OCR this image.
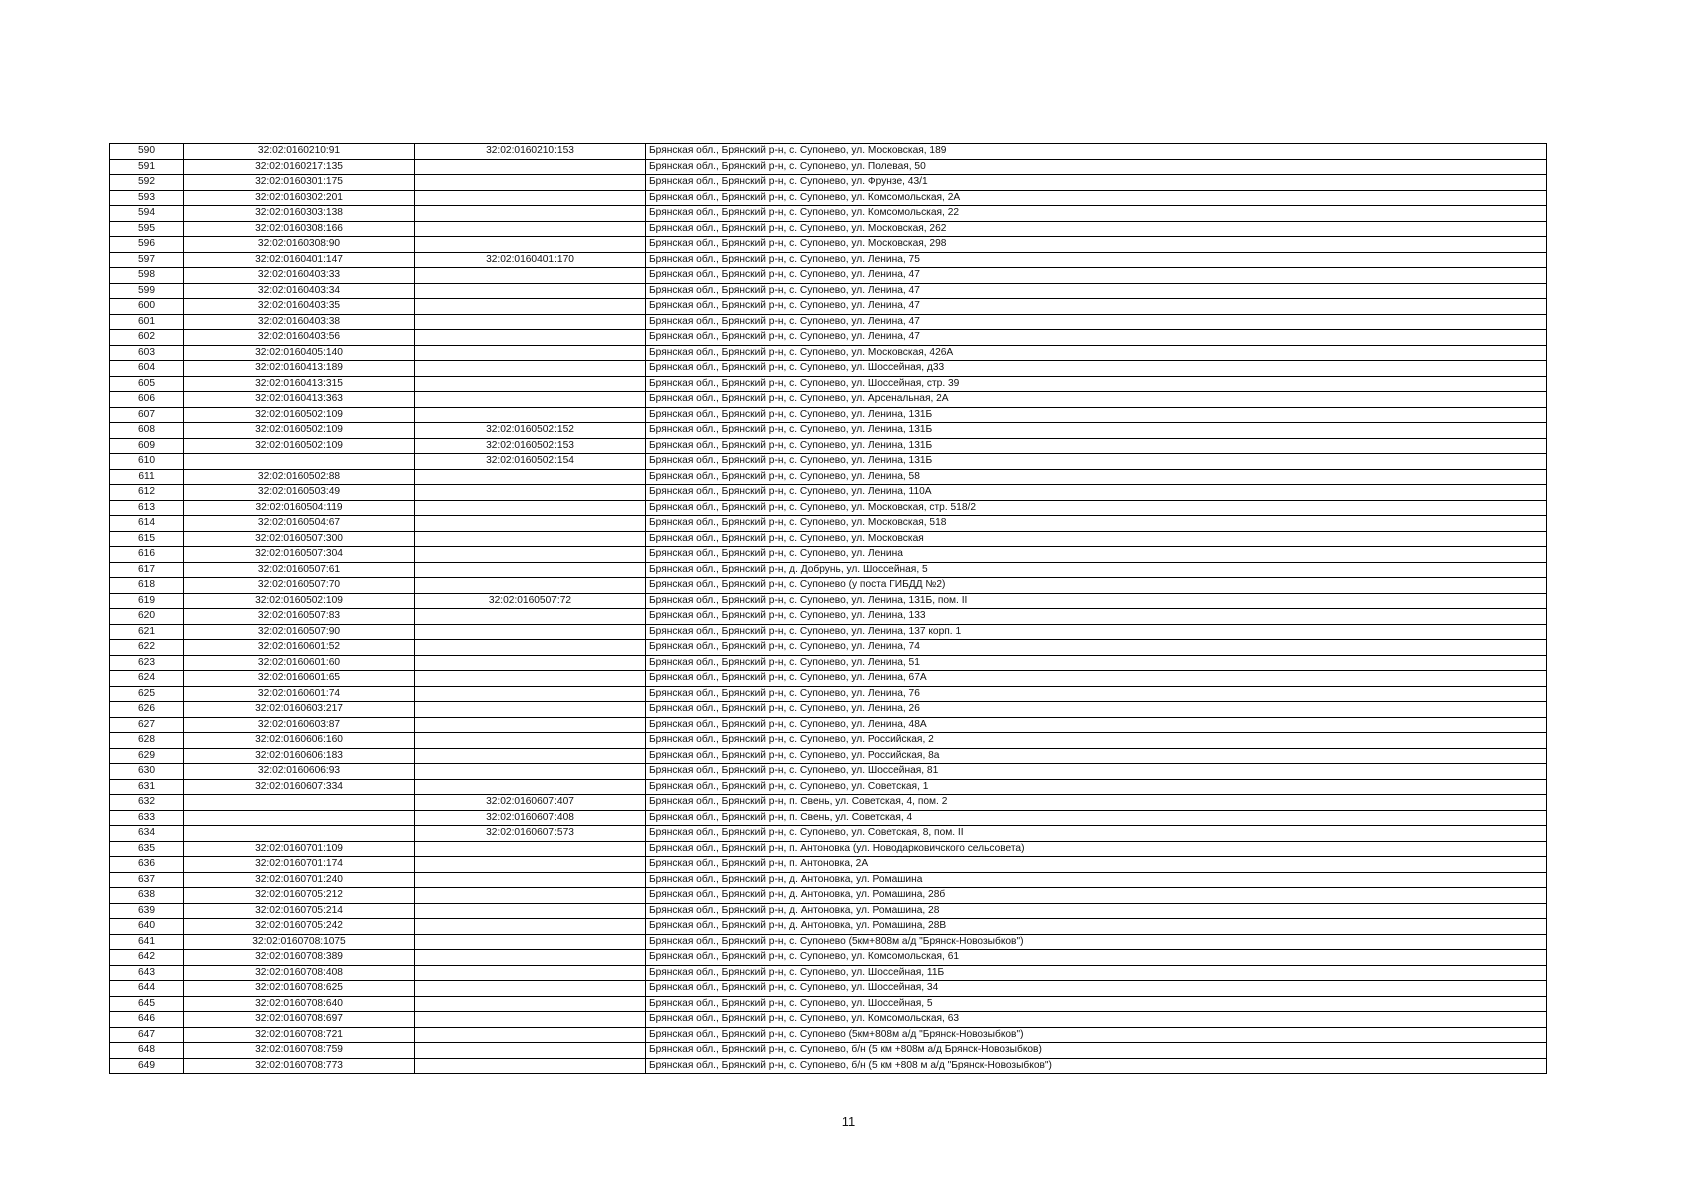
590	32:02:0160210:91	32:02:0160210:153	Брянская обл., Брянский р-н, с. Супонево, ул. Московская, 189
591	32:02:0160217:135		Брянская обл., Брянский р-н, с. Супонево, ул. Полевая, 50
592	32:02:0160301:175		Брянская обл., Брянский р-н, с. Супонево, ул. Фрунзе, 43/1
593	32:02:0160302:201		Брянская обл., Брянский р-н, с. Супонево, ул. Комсомольская, 2А
594	32:02:0160303:138		Брянская обл., Брянский р-н, с. Супонево, ул. Комсомольская, 22
595	32:02:0160308:166		Брянская обл., Брянский р-н, с. Супонево, ул. Московская, 262
596	32:02:0160308:90		Брянская обл., Брянский р-н, с. Супонево, ул. Московская, 298
597	32:02:0160401:147	32:02:0160401:170	Брянская обл., Брянский р-н, с. Супонево, ул. Ленина, 75
598	32:02:0160403:33		Брянская обл., Брянский р-н, с. Супонево, ул. Ленина, 47
599	32:02:0160403:34		Брянская обл., Брянский р-н, с. Супонево, ул. Ленина, 47
600	32:02:0160403:35		Брянская обл., Брянский р-н, с. Супонево, ул. Ленина, 47
601	32:02:0160403:38		Брянская обл., Брянский р-н, с. Супонево, ул. Ленина, 47
602	32:02:0160403:56		Брянская обл., Брянский р-н, с. Супонево, ул. Ленина, 47
603	32:02:0160405:140		Брянская обл., Брянский р-н, с. Супонево, ул. Московская, 426А
604	32:02:0160413:189		Брянская обл., Брянский р-н, с. Супонево, ул. Шоссейная, д33
605	32:02:0160413:315		Брянская обл., Брянский р-н, с. Супонево, ул. Шоссейная, стр. 39
606	32:02:0160413:363		Брянская обл., Брянский р-н, с. Супонево, ул. Арсенальная, 2А
607	32:02:0160502:109		Брянская обл., Брянский р-н, с. Супонево, ул. Ленина, 131Б
608	32:02:0160502:109	32:02:0160502:152	Брянская обл., Брянский р-н, с. Супонево, ул. Ленина, 131Б
609	32:02:0160502:109	32:02:0160502:153	Брянская обл., Брянский р-н, с. Супонево, ул. Ленина, 131Б
610		32:02:0160502:154	Брянская обл., Брянский р-н, с. Супонево, ул. Ленина, 131Б
611	32:02:0160502:88		Брянская обл., Брянский р-н, с. Супонево, ул. Ленина, 58
612	32:02:0160503:49		Брянская обл., Брянский р-н, с. Супонево, ул. Ленина, 110А
613	32:02:0160504:119		Брянская обл., Брянский р-н, с. Супонево, ул. Московская, стр. 518/2
614	32:02:0160504:67		Брянская обл., Брянский р-н, с. Супонево, ул. Московская, 518
615	32:02:0160507:300		Брянская обл., Брянский р-н, с. Супонево, ул. Московская
616	32:02:0160507:304		Брянская обл., Брянский р-н, с. Супонево, ул. Ленина
617	32:02:0160507:61		Брянская обл., Брянский р-н, д. Добрунь, ул. Шоссейная, 5
618	32:02:0160507:70		Брянская обл., Брянский р-н, с. Супонево (у поста ГИБДД №2)
619	32:02:0160502:109	32:02:0160507:72	Брянская обл., Брянский р-н, с. Супонево, ул. Ленина, 131Б, пом. II
620	32:02:0160507:83		Брянская обл., Брянский р-н, с. Супонево, ул. Ленина, 133
621	32:02:0160507:90		Брянская обл., Брянский р-н, с. Супонево, ул. Ленина, 137 корп. 1
622	32:02:0160601:52		Брянская обл., Брянский р-н, с. Супонево, ул. Ленина, 74
623	32:02:0160601:60		Брянская обл., Брянский р-н, с. Супонево, ул. Ленина, 51
624	32:02:0160601:65		Брянская обл., Брянский р-н, с. Супонево, ул. Ленина, 67А
625	32:02:0160601:74		Брянская обл., Брянский р-н, с. Супонево, ул. Ленина, 76
626	32:02:0160603:217		Брянская обл., Брянский р-н, с. Супонево, ул. Ленина, 26
627	32:02:0160603:87		Брянская обл., Брянский р-н, с. Супонево, ул. Ленина, 48А
628	32:02:0160606:160		Брянская обл., Брянский р-н, с. Супонево, ул. Российская, 2
629	32:02:0160606:183		Брянская обл., Брянский р-н, с. Супонево, ул. Российская, 8а
630	32:02:0160606:93		Брянская обл., Брянский р-н, с. Супонево, ул. Шоссейная, 81
631	32:02:0160607:334		Брянская обл., Брянский р-н, с. Супонево, ул. Советская, 1
632		32:02:0160607:407	Брянская обл., Брянский р-н, п. Свень, ул. Советская, 4, пом. 2
633		32:02:0160607:408	Брянская обл., Брянский р-н, п. Свень, ул. Советская, 4
634		32:02:0160607:573	Брянская обл., Брянский р-н, с. Супонево, ул. Советская, 8, пом. II
635	32:02:0160701:109		Брянская обл., Брянский р-н, п. Антоновка (ул. Новодарковичского сельсовета)
636	32:02:0160701:174		Брянская обл., Брянский р-н, п. Антоновка, 2А
637	32:02:0160701:240		Брянская обл., Брянский р-н, д. Антоновка, ул. Ромашина
638	32:02:0160705:212		Брянская обл., Брянский р-н, д. Антоновка, ул. Ромашина, 28б
639	32:02:0160705:214		Брянская обл., Брянский р-н, д. Антоновка, ул. Ромашина, 28
640	32:02:0160705:242		Брянская обл., Брянский р-н, д. Антоновка, ул. Ромашина, 28В
641	32:02:0160708:1075		Брянская обл., Брянский р-н, с. Супонево (5км+808м а/д "Брянск-Новозыбков")
642	32:02:0160708:389		Брянская обл., Брянский р-н, с. Супонево, ул. Комсомольская, 61
643	32:02:0160708:408		Брянская обл., Брянский р-н, с. Супонево, ул. Шоссейная, 11Б
644	32:02:0160708:625		Брянская обл., Брянский р-н, с. Супонево, ул. Шоссейная, 34
645	32:02:0160708:640		Брянская обл., Брянский р-н, с. Супонево, ул. Шоссейная, 5
646	32:02:0160708:697		Брянская обл., Брянский р-н, с. Супонево, ул. Комсомольская, 63
647	32:02:0160708:721		Брянская обл., Брянский р-н, с. Супонево (5км+808м а/д "Брянск-Новозыбков")
648	32:02:0160708:759		Брянская обл., Брянский р-н, с. Супонево, б/н (5 км +808м а/д Брянск-Новозыбков)
649	32:02:0160708:773		Брянская обл., Брянский р-н, с. Супонево, б/н (5 км +808 м а/д "Брянск-Новозыбков")
11
